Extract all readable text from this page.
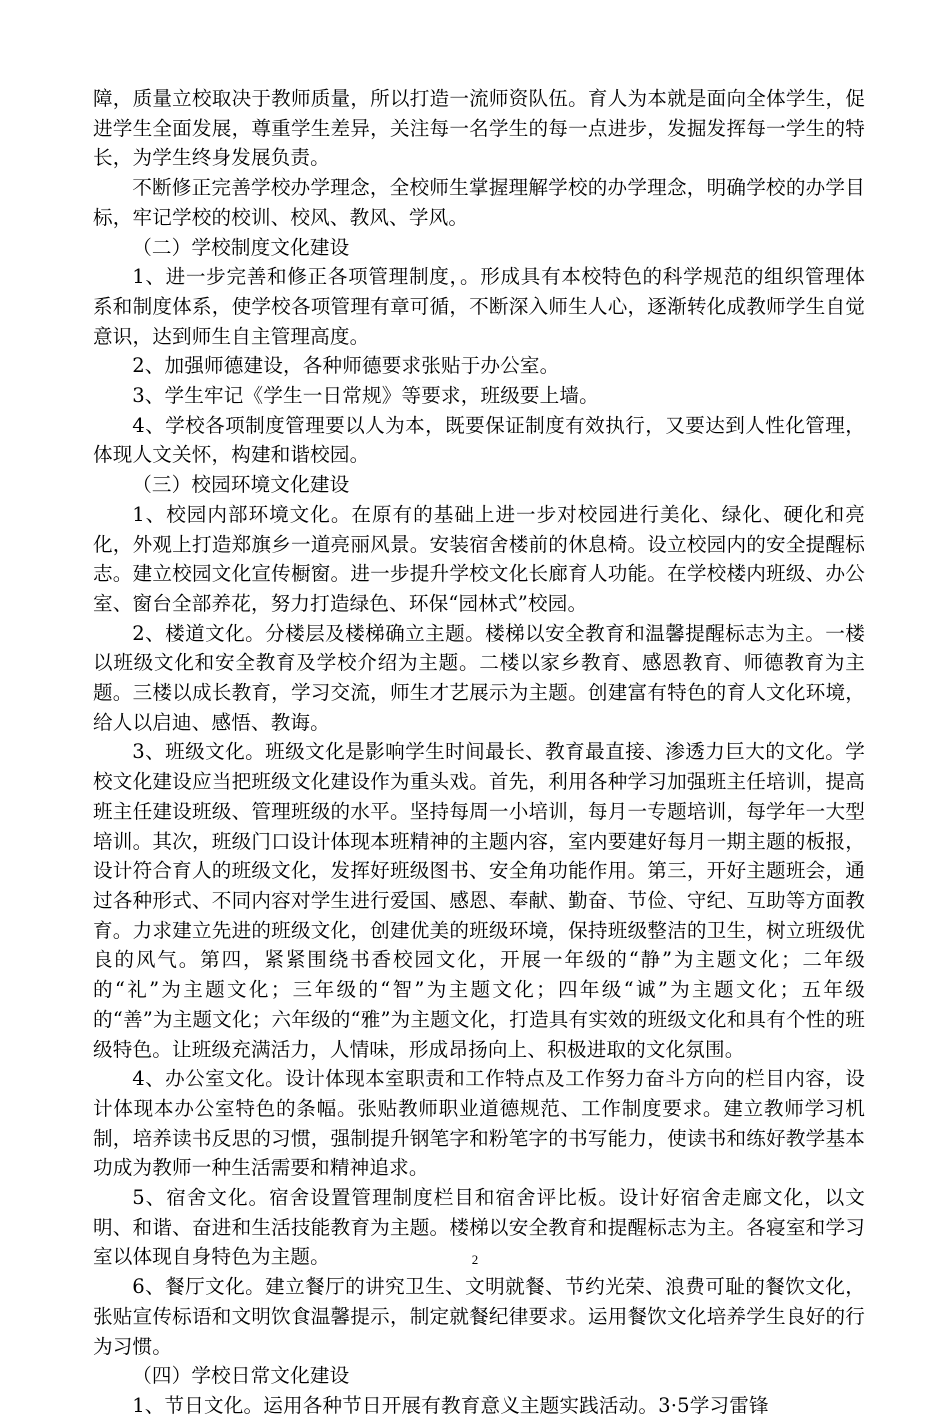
障，质量立校取决于教师质量，所以打造一流师资队伍。育人为本就是面向全体学生，促进学生全面发展，尊重学生差异，关注每一名学生的每一点进步，发掘发挥每一学生的特长，为学生终身发展负责。

不断修正完善学校办学理念，全校师生掌握理解学校的办学理念，明确学校的办学目标，牢记学校的校训、校风、教风、学风。

（二）学校制度文化建设

1、进一步完善和修正各项管理制度，。形成具有本校特色的科学规范的组织管理体系和制度体系，使学校各项管理有章可循，不断深入师生人心，逐渐转化成教师学生自觉意识，达到师生自主管理高度。

2、加强师德建设，各种师德要求张贴于办公室。

3、学生牢记《学生一日常规》等要求，班级要上墙。

4、学校各项制度管理要以人为本，既要保证制度有效执行，又要达到人性化管理，体现人文关怀，构建和谐校园。

（三）校园环境文化建设

1、校园内部环境文化。在原有的基础上进一步对校园进行美化、绿化、硬化和亮化，外观上打造郑旗乡一道亮丽风景。安装宿舍楼前的休息椅。设立校园内的安全提醒标志。建立校园文化宣传橱窗。进一步提升学校文化长廊育人功能。在学校楼内班级、办公室、窗台全部养花，努力打造绿色、环保“园林式”校园。

2、楼道文化。分楼层及楼梯确立主题。楼梯以安全教育和温馨提醒标志为主。一楼以班级文化和安全教育及学校介绍为主题。二楼以家乡教育、感恩教育、师德教育为主题。三楼以成长教育，学习交流，师生才艺展示为主题。创建富有特色的育人文化环境，给人以启迪、感悟、教诲。

3、班级文化。班级文化是影响学生时间最长、教育最直接、渗透力巨大的文化。学校文化建设应当把班级文化建设作为重头戏。首先，利用各种学习加强班主任培训，提高班主任建设班级、管理班级的水平。坚持每周一小培训，每月一专题培训，每学年一大型培训。其次，班级门口设计体现本班精神的主题内容，室内要建好每月一期主题的板报，设计符合育人的班级文化，发挥好班级图书、安全角功能作用。第三，开好主题班会，通过各种形式、不同内容对学生进行爱国、感恩、奉献、勤奋、节俭、守纪、互助等方面教育。力求建立先进的班级文化，创建优美的班级环境，保持班级整洁的卫生，树立班级优良的风气。第四，紧紧围绕书香校园文化，开展一年级的“静”为主题文化；二年级的“礼”为主题文化；三年级的“智”为主题文化；四年级“诚”为主题文化；五年级的“善”为主题文化；六年级的“雅”为主题文化，打造具有实效的班级文化和具有个性的班级特色。让班级充满活力，人情味，形成昂扬向上、积极进取的文化氛围。

4、办公室文化。设计体现本室职责和工作特点及工作努力奋斗方向的栏目内容，设计体现本办公室特色的条幅。张贴教师职业道德规范、工作制度要求。建立教师学习机制，培养读书反思的习惯，强制提升钢笔字和粉笔字的书写能力，使读书和练好教学基本功成为教师一种生活需要和精神追求。

5、宿舍文化。宿舍设置管理制度栏目和宿舍评比板。设计好宿舍走廊文化，以文明、和谐、奋进和生活技能教育为主题。楼梯以安全教育和提醒标志为主。各寝室和学习室以体现自身特色为主题。

6、餐厅文化。建立餐厅的讲究卫生、文明就餐、节约光荣、浪费可耻的餐饮文化，张贴宣传标语和文明饮食温馨提示，制定就餐纪律要求。运用餐饮文化培养学生良好的行为习惯。

（四）学校日常文化建设

1、节日文化。运用各种节日开展有教育意义主题实践活动。3·5学习雷锋

2
